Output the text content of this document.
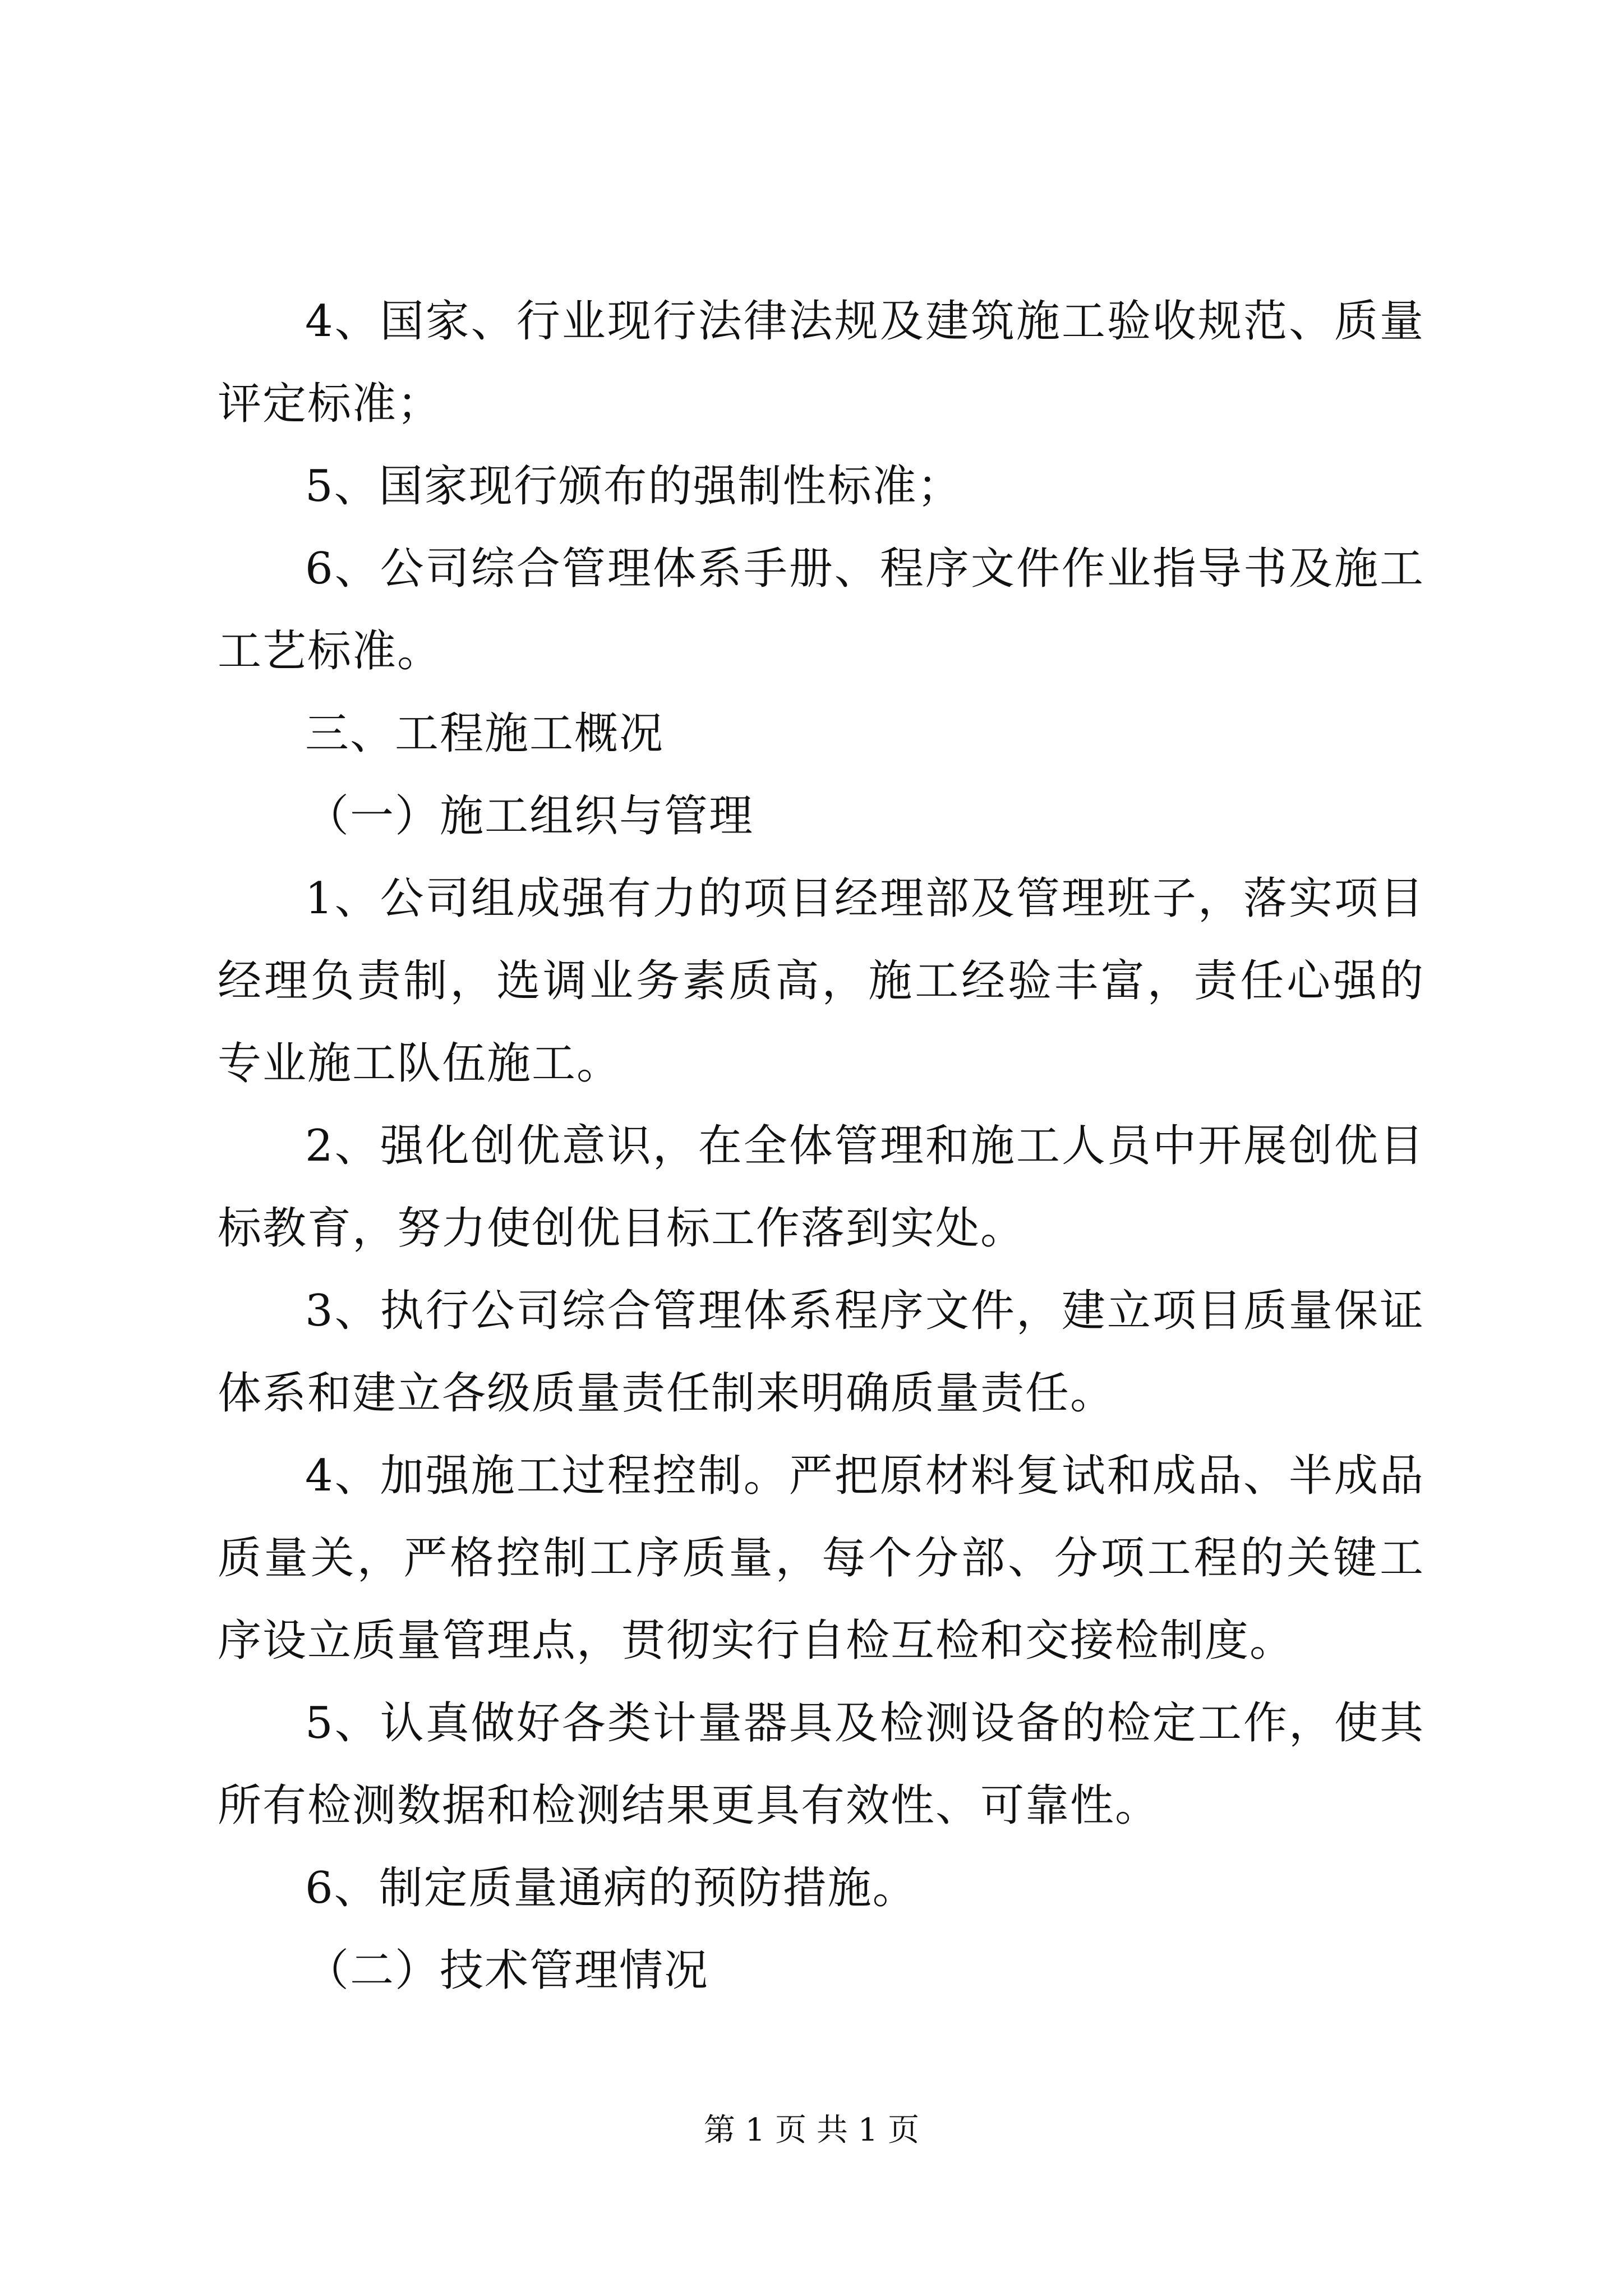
4、国家、行业现行法律法规及建筑施工验收规范、质量评定标准；

5、国家现行颁布的强制性标准；

6、公司综合管理体系手册、程序文件作业指导书及施工工艺标准。

三、工程施工概况

（一）施工组织与管理

1、公司组成强有力的项目经理部及管理班子，落实项目经理负责制，选调业务素质高，施工经验丰富，责任心强的专业施工队伍施工。

2、强化创优意识，在全体管理和施工人员中开展创优目标教育，努力使创优目标工作落到实处。

3、执行公司综合管理体系程序文件，建立项目质量保证体系和建立各级质量责任制来明确质量责任。

4、加强施工过程控制。严把原材料复试和成品、半成品质量关，严格控制工序质量，每个分部、分项工程的关键工序设立质量管理点，贯彻实行自检互检和交接检制度。

5、认真做好各类计量器具及检测设备的检定工作，使其所有检测数据和检测结果更具有效性、可靠性。

6、制定质量通病的预防措施。

（二）技术管理情况

第 1 页 共 1 页
